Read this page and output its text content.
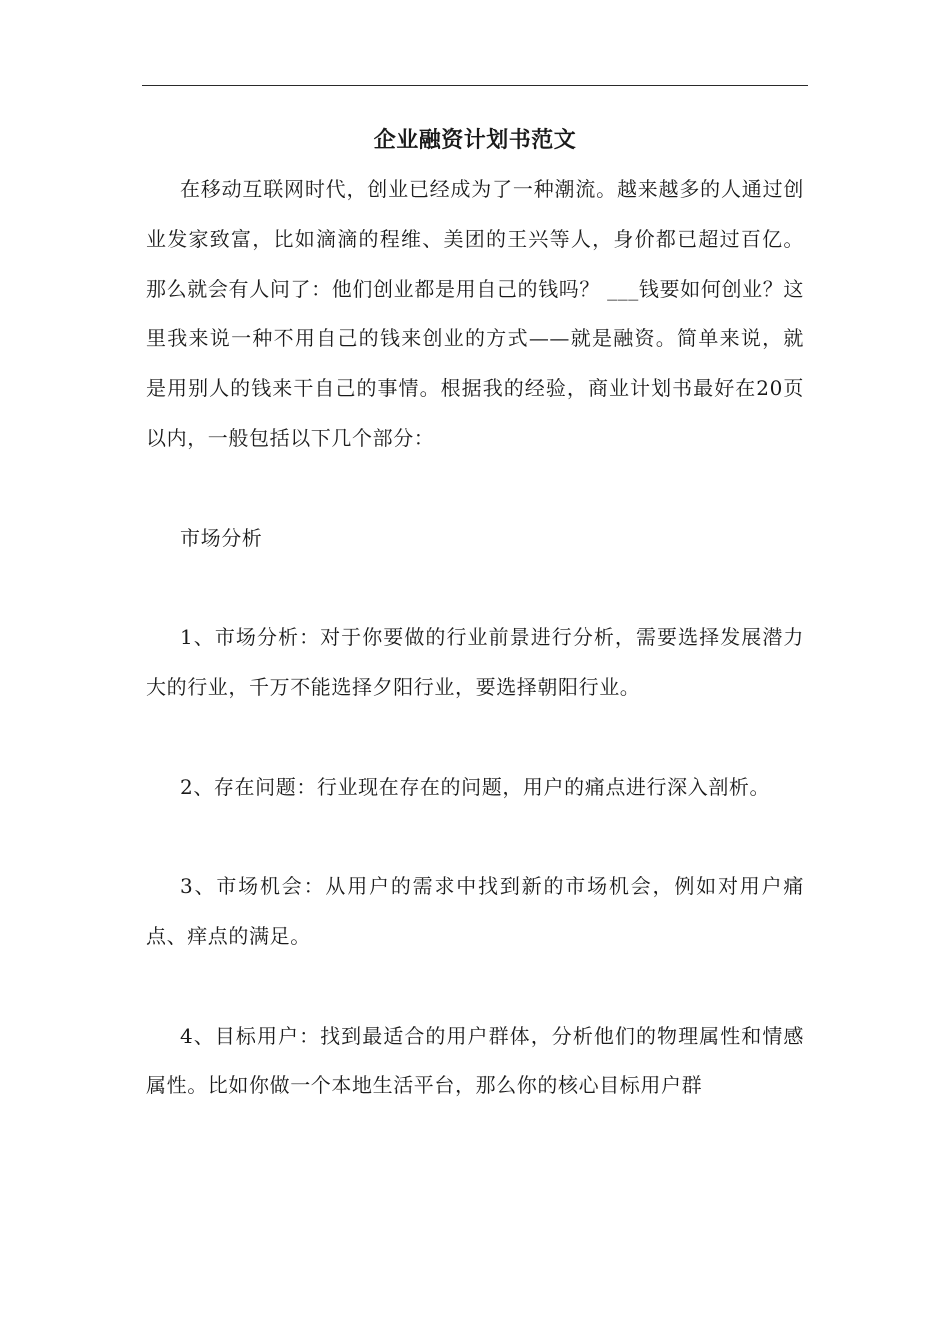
企业融资计划书范文

在移动互联网时代，创业已经成为了一种潮流。越来越多的人通过创业发家致富，比如滴滴的程维、美团的王兴等人，身价都已超过百亿。那么就会有人问了：他们创业都是用自己的钱吗？ ___钱要如何创业？这里我来说一种不用自己的钱来创业的方式——就是融资。简单来说，就是用别人的钱来干自己的事情。根据我的经验，商业计划书最好在20页以内，一般包括以下几个部分：

市场分析

1、市场分析：对于你要做的行业前景进行分析，需要选择发展潜力大的行业，千万不能选择夕阳行业，要选择朝阳行业。

2、存在问题：行业现在存在的问题，用户的痛点进行深入剖析。

3、市场机会：从用户的需求中找到新的市场机会，例如对用户痛点、痒点的满足。

4、目标用户：找到最适合的用户群体，分析他们的物理属性和情感属性。比如你做一个本地生活平台，那么你的核心目标用户群
